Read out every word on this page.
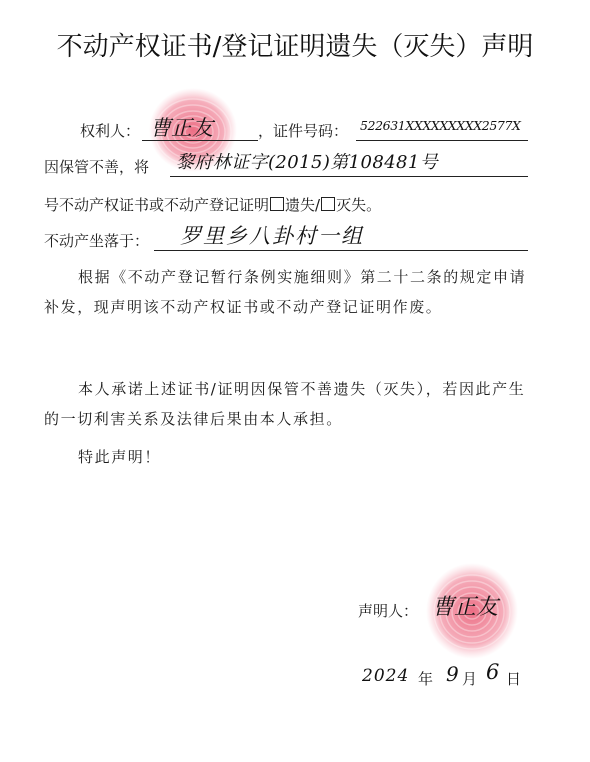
不动产权证书/登记证明遗失（灭失）声明
权利人： 曹正友	，证件号码： 522631XXXXXXXXX2577X
因保管不善，将 黎府林证字(2015)第108481号
号不动产权证书或不动产登记证明 遗失/ 灭失。
不动产坐落于： 罗里乡八卦村一组
根据《不动产登记暂行条例实施细则》第二十二条的规定申请补发，现声明该不动产权证书或不动产登记证明作废。
本人承诺上述证书/证明因保管不善遗失（灭失），若因此产生的一切利害关系及法律后果由本人承担。
特此声明！
声明人： 曹正友
2024 年 9 月 6 日
